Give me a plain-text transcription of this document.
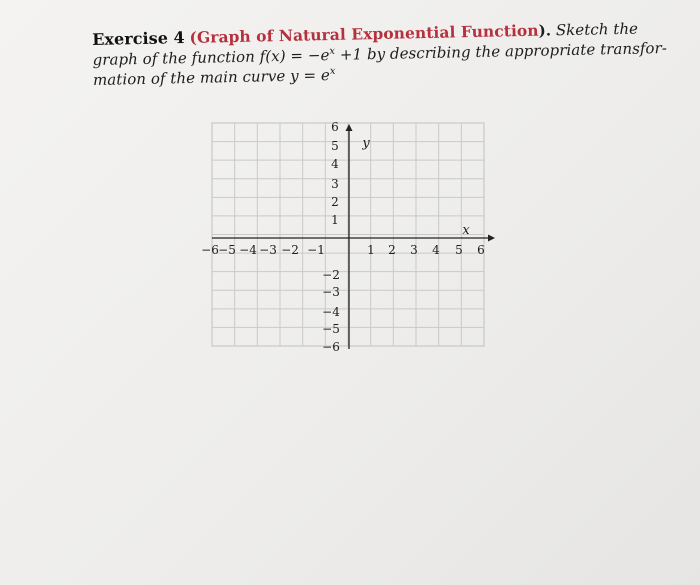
Exercise 4 (Graph of Natural Exponential Function). Sketch the
graph of the function $f(x) = -e^x +1$ by describing the appropriate transfor-
mation of the main curve $y = e^x$
y
x
−6 −5 −4 −3 −2 −1	1 2 3 4 5 6
6
5
4
3
2
1
−2
−3
−4
−5
−6
